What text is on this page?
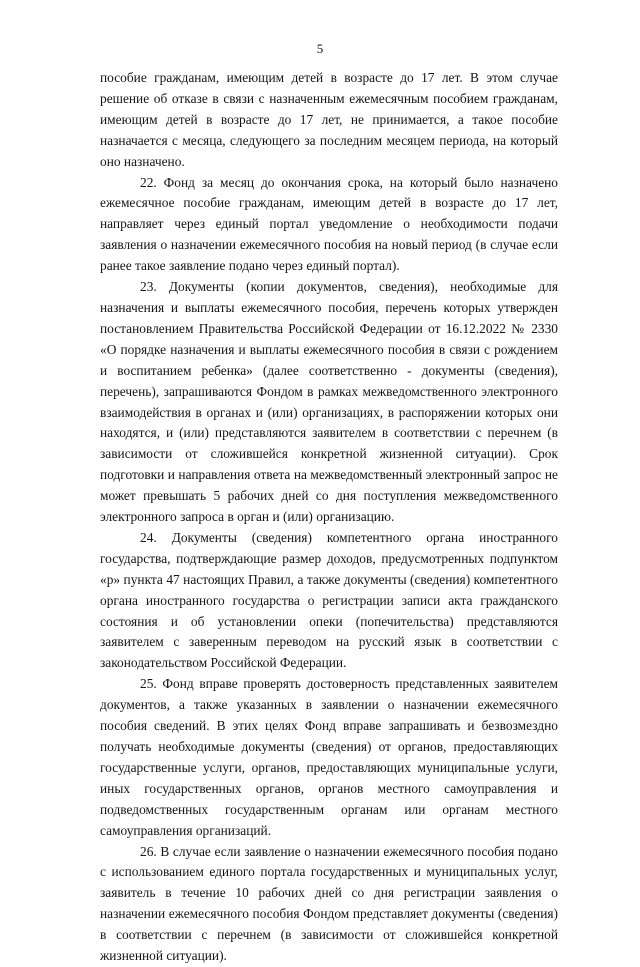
5

пособие гражданам, имеющим детей в возрасте до 17 лет. В этом случае решение об отказе в связи с назначенным ежемесячным пособием гражданам, имеющим детей в возрасте до 17 лет, не принимается, а такое пособие назначается с месяца, следующего за последним месяцем периода, на который оно назначено.

22. Фонд за месяц до окончания срока, на который было назначено ежемесячное пособие гражданам, имеющим детей в возрасте до 17 лет, направляет через единый портал уведомление о необходимости подачи заявления о назначении ежемесячного пособия на новый период (в случае если ранее такое заявление подано через единый портал).

23. Документы (копии документов, сведения), необходимые для назначения и выплаты ежемесячного пособия, перечень которых утвержден постановлением Правительства Российской Федерации от 16.12.2022 № 2330 «О порядке назначения и выплаты ежемесячного пособия в связи с рождением и воспитанием ребенка» (далее соответственно - документы (сведения), перечень), запрашиваются Фондом в рамках межведомственного электронного взаимодействия в органах и (или) организациях, в распоряжении которых они находятся, и (или) представляются заявителем в соответствии с перечнем (в зависимости от сложившейся конкретной жизненной ситуации). Срок подготовки и направления ответа на межведомственный электронный запрос не может превышать 5 рабочих дней со дня поступления межведомственного электронного запроса в орган и (или) организацию.

24. Документы (сведения) компетентного органа иностранного государства, подтверждающие размер доходов, предусмотренных подпунктом «р» пункта 47 настоящих Правил, а также документы (сведения) компетентного органа иностранного государства о регистрации записи акта гражданского состояния и об установлении опеки (попечительства) представляются заявителем с заверенным переводом на русский язык в соответствии с законодательством Российской Федерации.

25. Фонд вправе проверять достоверность представленных заявителем документов, а также указанных в заявлении о назначении ежемесячного пособия сведений. В этих целях Фонд вправе запрашивать и безвозмездно получать необходимые документы (сведения) от органов, предоставляющих государственные услуги, органов, предоставляющих муниципальные услуги, иных государственных органов, органов местного самоуправления и подведомственных государственным органам или органам местного самоуправления организаций.

26. В случае если заявление о назначении ежемесячного пособия подано с использованием единого портала государственных и муниципальных услуг, заявитель в течение 10 рабочих дней со дня регистрации заявления о назначении ежемесячного пособия Фондом представляет документы (сведения) в соответствии с перечнем (в зависимости от сложившейся конкретной жизненной ситуации).
